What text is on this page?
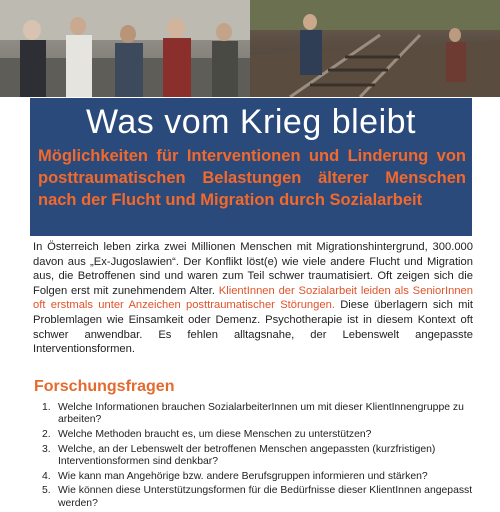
Was vom Krieg bleibt
Möglichkeiten für Interventionen und Linderung von posttraumatischen Belastungen älterer Menschen nach der Flucht und Migration durch Sozialarbeit
In Österreich leben zirka zwei Millionen Menschen mit Migrationshintergrund, 300.000 davon aus „Ex-Jugoslawien“. Der Konflikt löst(e) wie viele andere Flucht und Migration aus, die Betroffenen sind und waren zum Teil schwer traumatisiert. Oft zeigen sich die Folgen erst mit zunehmendem Alter. KlientInnen der Sozialarbeit leiden als SeniorInnen oft erstmals unter Anzeichen posttraumatischer Störungen. Diese überlagern sich mit Problemlagen wie Einsamkeit oder Demenz. Psychotherapie ist in diesem Kontext oft schwer anwendbar. Es fehlen alltagsnahe, der Lebenswelt angepasste Interventionsformen.
Forschungsfragen
1. Welche Informationen brauchen SozialarbeiterInnen um mit dieser KlientInnengruppe zu arbeiten?
2. Welche Methoden braucht es, um diese Menschen zu unterstützen?
3. Welche, an der Lebenswelt der betroffenen Menschen angepassten (kurzfristigen) Interventionsformen sind denkbar?
4. Wie kann man Angehörige bzw. andere Berufsgruppen informieren und stärken?
5. Wie können diese Unterstützungsformen für die Bedürfnisse dieser KlientInnen angepasst werden?
